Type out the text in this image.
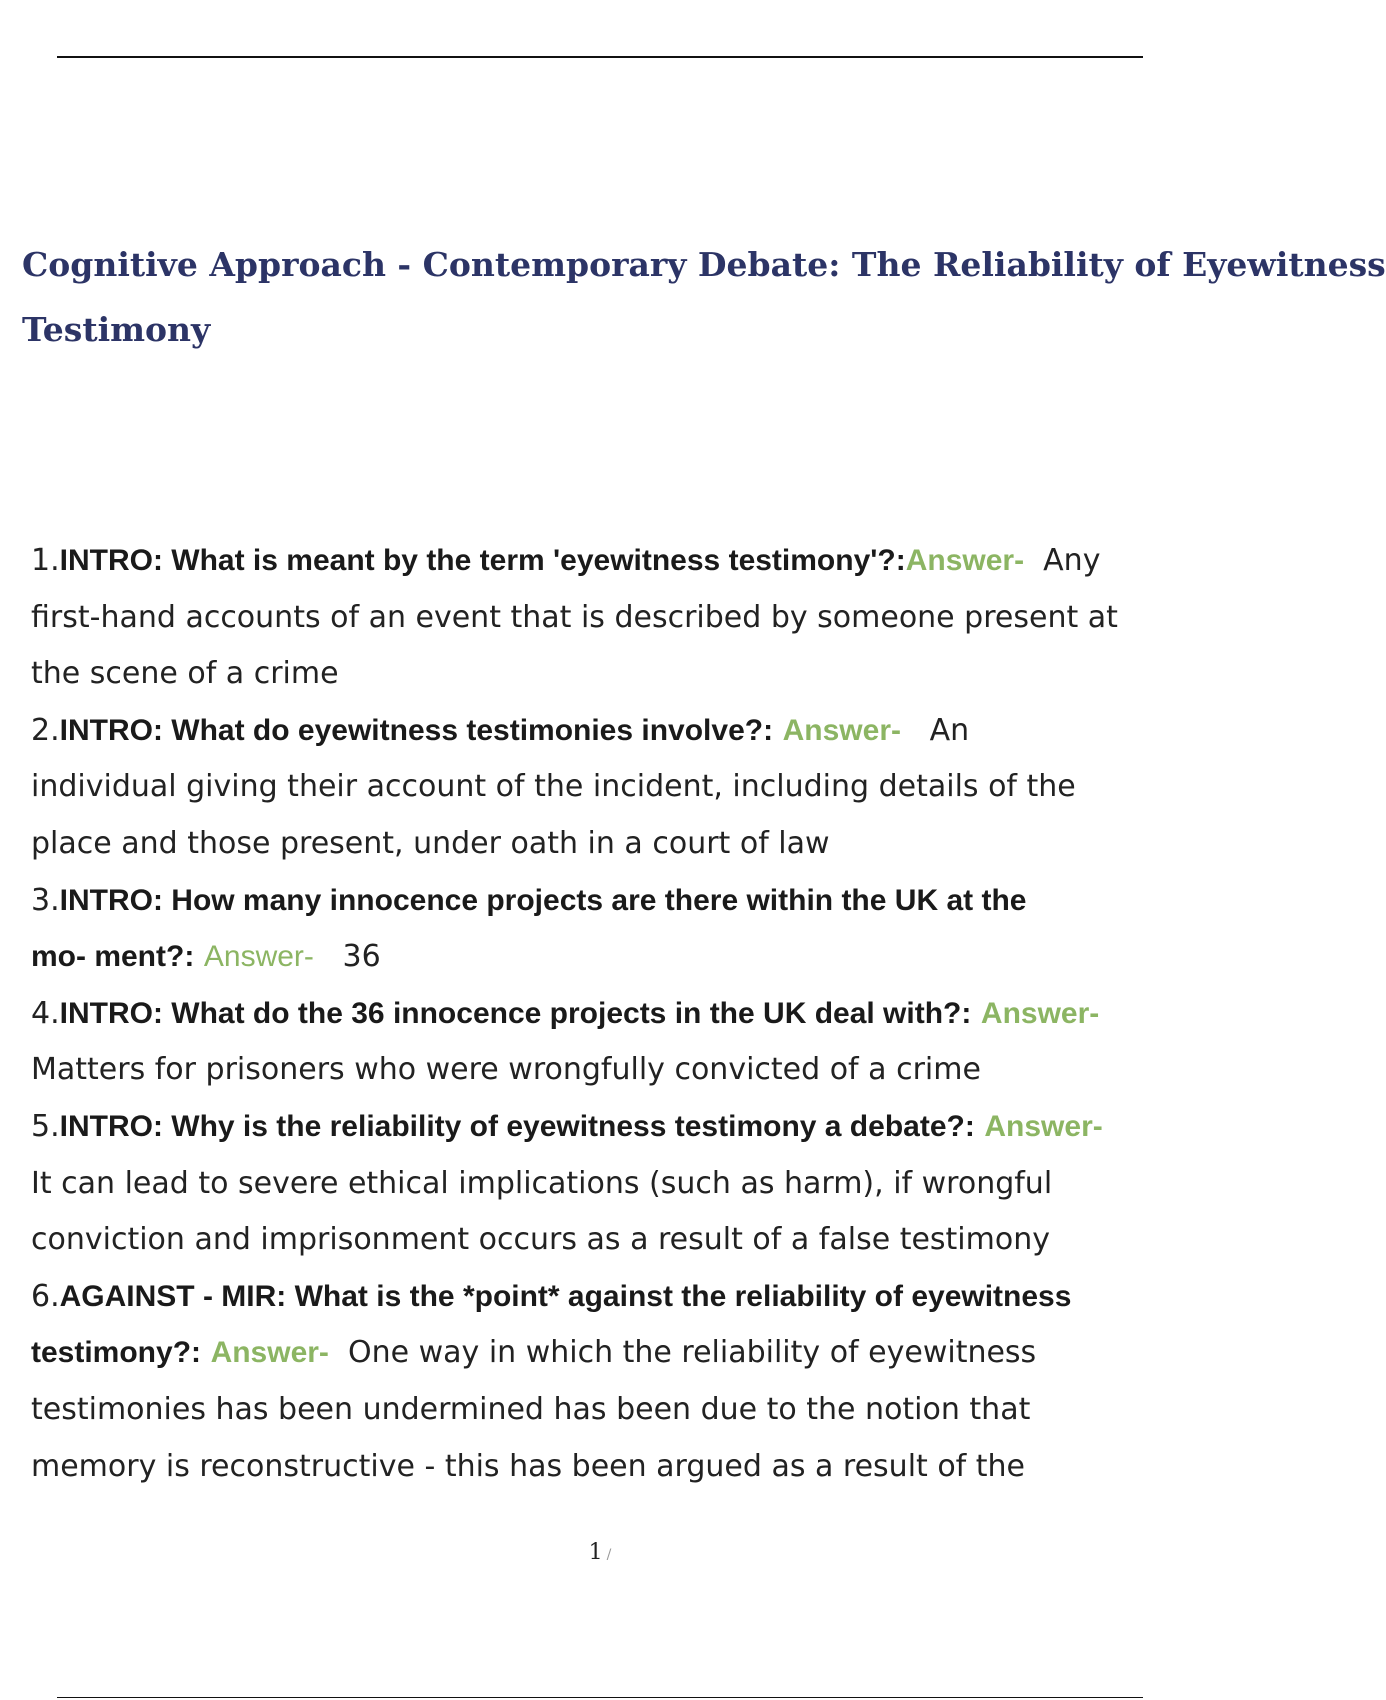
Cognitive Approach - Contemporary Debate: The Reliability of Eyewitness
Testimony
1.INTRO: What is meant by the term 'eyewitness testimony'?:Answer- Any
first-hand accounts of an event that is described by someone present at
the scene of a crime
2.INTRO: What do eyewitness testimonies involve?: Answer- An
individual giving their account of the incident, including details of the
place and those present, under oath in a court of law
3.INTRO: How many innocence projects are there within the UK at the
mo- ment?: Answer- 36
4.INTRO: What do the 36 innocence projects in the UK deal with?: Answer-
Matters for prisoners who were wrongfully convicted of a crime
5.INTRO: Why is the reliability of eyewitness testimony a debate?: Answer-
It can lead to severe ethical implications (such as harm), if wrongful
conviction and imprisonment occurs as a result of a false testimony
6.AGAINST - MIR: What is the *point* against the reliability of eyewitness
testimony?: Answer- One way in which the reliability of eyewitness
testimonies has been undermined has been due to the notion that
memory is reconstructive - this has been argued as a result of the
1 /
